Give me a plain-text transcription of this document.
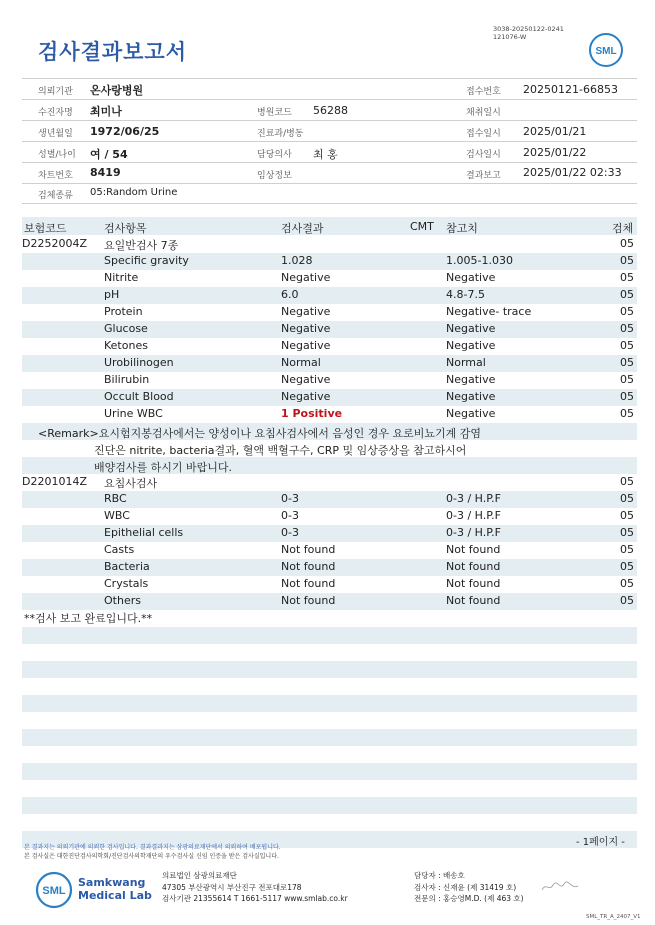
검사결과보고서
3038-20250122-0241
121076-W
SML
의뢰기관 온사랑병원	접수번호 20250121-66853
수진자명 최미나	병원코드 56288	채취일시
생년월일 1972/06/25	진료과/병동	접수일시 2025/01/21
성별/나이 여 / 54	담당의사 최 홍	검사일시 2025/01/22
차트번호 8419	임상정보	결과보고 2025/01/22 02:33
검체종류 05:Random Urine
보험코드	검사항목	검사결과	CMT 참고치	검체
D2252004Z 요일반검사 7종	05
Specific gravity	1.028	1.005-1.030	05
Nitrite	Negative	Negative	05
pH	6.0	4.8-7.5	05
Protein	Negative	Negative- trace	05
Glucose	Negative	Negative	05
Ketones	Negative	Negative	05
Urobilinogen	Normal	Normal	05
Bilirubin	Negative	Negative	05
Occult Blood	Negative	Negative	05
Urine WBC	1 Positive	Negative	05
<Remark>요시험지봉검사에서는 양성이나 요침사검사에서 음성인 경우 요로비뇨기계 감염
진단은 nitrite, bacteria결과, 혈액 백혈구수, CRP 및 임상증상을 참고하시어
배양검사를 하시기 바랍니다.
D2201014Z 요침사검사	05
RBC	0-3	0-3 / H.P.F	05
WBC	0-3	0-3 / H.P.F	05
Epithelial cells	0-3	0-3 / H.P.F	05
Casts	Not found	Not found	05
Bacteria	Not found	Not found	05
Crystals	Not found	Not found	05
Others	Not found	Not found	05
**검사 보고 완료입니다.**
본 결과지는 의뢰기관에 의뢰한 검사입니다. 결과결과지는 삼광의료재단에서 의뢰하여 배포됩니다.
본 검사실은 대한진단검사의학회/진단검사의학재단의 우수검사실 신임 인증을 받은 검사실입니다.
- 1페이지 -
SML
Samkwang
Medical Lab
의료법인 삼광의료재단
47305 부산광역시 부산진구 전포대로178
검사기관 21355614 T 1661-5117 www.smlab.co.kr
담당자 : 배송호
검사자 : 신재윤 (제 31419 호)
전문의 : 홍승영M.D. (제 463 호)
SML_TR_A_2407_V1
